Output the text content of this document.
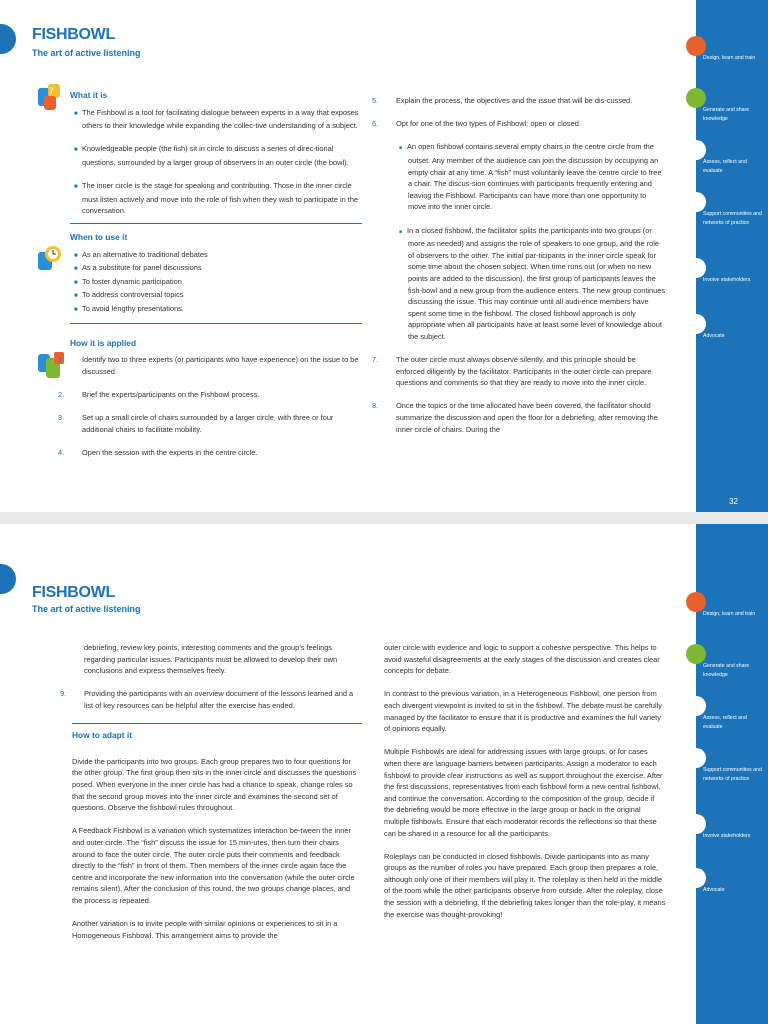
FISHBOWL
The art of active listening	Design, learn and train
Generate and share knowledge
Assess, reflect and evaluate
Support communities and networks of practice
Involve stakeholders
Advocate
32
? What it is

■ The Fishbowl is a tool for facilitating dialogue between experts in a way that exposes others to their knowledge while expanding the collec-tive understanding of a subject.

■ Knowledgeable people (the fish) sit in circle to discuss a series of direc-tional questions, surrounded by a larger group of observers in an outer circle (the bowl).

■ The inner circle is the stage for speaking and contributing. Those in the inner circle must listen actively and move into the role of fish when they wish to participate in the conversation.

When to use it
■ As an alternative to traditional debates
■ As a substitute for panel discussions
■ To foster dynamic participation
■ To address controversial topics
■ To avoid lengthy presentations.
How it is applied

1. Identify two to three experts (or participants who have experience) on the issue to be discussed.

2. Brief the experts/participants on the Fishbowl process.

3. Set up a small circle of chairs surrounded by a larger circle, with three or four additional chairs to facilitate mobility.

4. Open the session with the experts in the centre circle.

5. Explain the process, the objectives and the issue that will be dis-cussed.

6. Opt for one of the two types of Fishbowl: open or closed.

■ An open fishbowl contains several empty chairs in the centre circle from the outset. Any member of the audience can join the discussion by occupying an empty chair at any time. A “fish” must voluntarily leave the centre circle to free a chair. The discus-sion continues with participants frequently entering and leaving the Fishbowl. Participants can have more than one opportunity to move into the inner circle.

■ In a closed fishbowl, the facilitator splits the participants into two groups (or more as needed) and assigns the role of speakers to one group, and the role of observers to the other. The initial par-ticipants in the inner circle speak for some time about the chosen subject. When time runs out (or when no new points are added to the discussion), the first group of participants leaves the fish-bowl and a new group from the audience enters. The new group continues discussing the issue. This may continue until all audi-ence members have spent some time in the fishbowl. The closed fishbowl approach is only appropriate when all participants have at least some level of knowledge about the subject.

7. The outer circle must always observe silently, and this principle should be enforced diligently by the facilitator. Participants in the outer circle can prepare questions and comments so that they are ready to move into the inner circle.

8. Once the topics or the time allocated have been covered, the facilitator should summarize the discussion and open the floor for a debriefing, after removing the inner circle of chairs. During the

FISHBOWL
The art of active listening	Design, learn and train
Generate and share knowledge
Assess, reflect and evaluate
Support communities and networks of practice
Involve stakeholders
Advocate

debriefing, review key points, interesting comments and the group’s feelings regarding particular issues. Participants must be allowed to develop their own conclusions and express themselves freely.

9. Providing the participants with an overview document of the lessons learned and a list of key resources can be helpful after the exercise has ended.

How to adapt it

Divide the participants into two groups. Each group prepares two to four questions for the other group. The first group then sits in the inner circle and discusses the questions posed. When everyone in the inner circle has had a chance to speak, change roles so that the second group moves into the inner circle and examines the second set of questions. Observe the fishbowl rules throughout.

A Feedback Fishbowl is a variation which systematizes interaction be-tween the inner and outer circle. The “fish” discuss the issue for 15 min-utes, then turn their chairs around to face the outer circle. The outer circle puts their comments and feedback directly to the “fish” in front of them. Then members of the inner circle again face the centre and incorporate the new information into the conversation (while the outer circle remains silent). After the conclusion of this round, the two groups change places, and the process is repeated.

Another variation is to invite people with similar opinions or experiences to sit in a Homogeneous Fishbowl. This arrangement aims to provide the

outer circle with evidence and logic to support a cohesive perspective. This helps to avoid wasteful disagreements at the early stages of the discussion and creates clear concepts for debate.

In contrast to the previous variation, in a Heterogeneous Fishbowl, one person from each divergent viewpoint is invited to sit in the fishbowl. The debate must be carefully managed by the facilitator to ensure that it is productive and examines the full variety of opinions equally.

Multiple Fishbowls are ideal for addressing issues with large groups, or for cases when there are language barriers between participants. Assign a moderator to each fishbowl to provide clear instructions as well as support throughout the exercise. After the first discussions, representatives from each fishbowl form a new central fishbowl, and continue the conversation. According to the composition of the group, decide if the debriefing would be more effective in the large group or back in the original multiple fishbowls. Ensure that each moderator records the reflections so that these can be shared in a resource for all the participants.

Roleplays can be conducted in closed fishbowls. Divide participants into as many groups as the number of roles you have prepared. Each group then prepares a role, although only one of their members will play it. The roleplay is then held in the middle of the room while the other participants observe from outside. After the roleplay, close the session with a debriefing. If the debriefing takes longer than the role-play, it means the exercise was thought-provoking!
